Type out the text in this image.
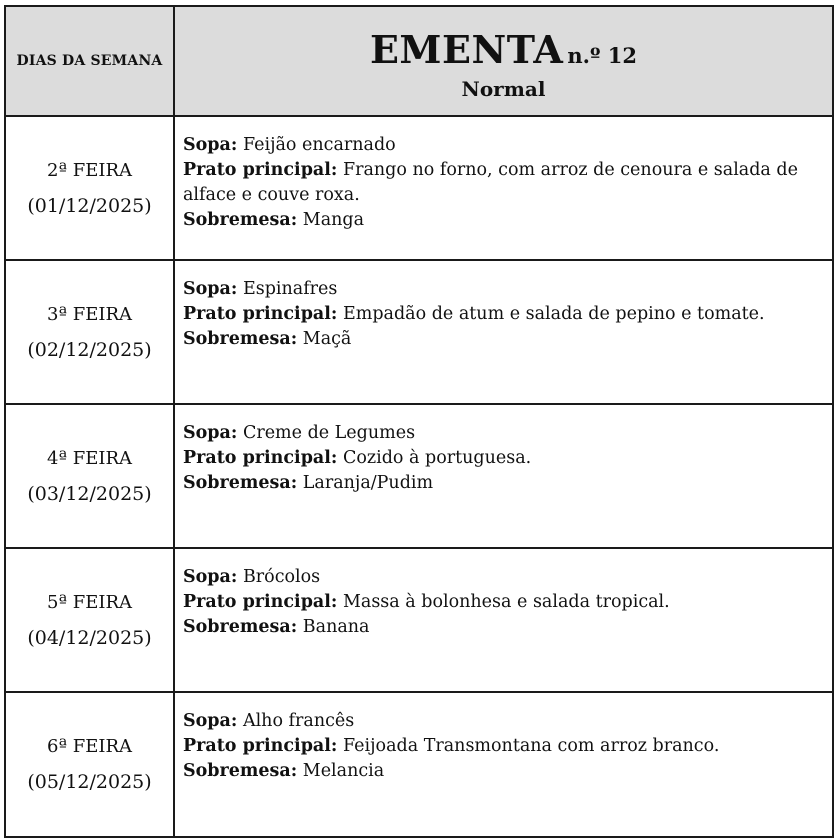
DIAS DA SEMANA	EMENTA n.º 12
Normal

2ª FEIRA
(01/12/2025)	Sopa: Feijão encarnado
Prato principal: Frango no forno, com arroz de cenoura e salada de alface e couve roxa.
Sobremesa: Manga

3ª FEIRA
(02/12/2025)	Sopa: Espinafres
Prato principal: Empadão de atum e salada de pepino e tomate.
Sobremesa: Maçã

4ª FEIRA
(03/12/2025)	Sopa: Creme de Legumes
Prato principal: Cozido à portuguesa.
Sobremesa: Laranja/Pudim

5ª FEIRA
(04/12/2025)	Sopa: Brócolos
Prato principal: Massa à bolonhesa e salada tropical.
Sobremesa: Banana

6ª FEIRA
(05/12/2025)	Sopa: Alho francês
Prato principal: Feijoada Transmontana com arroz branco.
Sobremesa: Melancia
